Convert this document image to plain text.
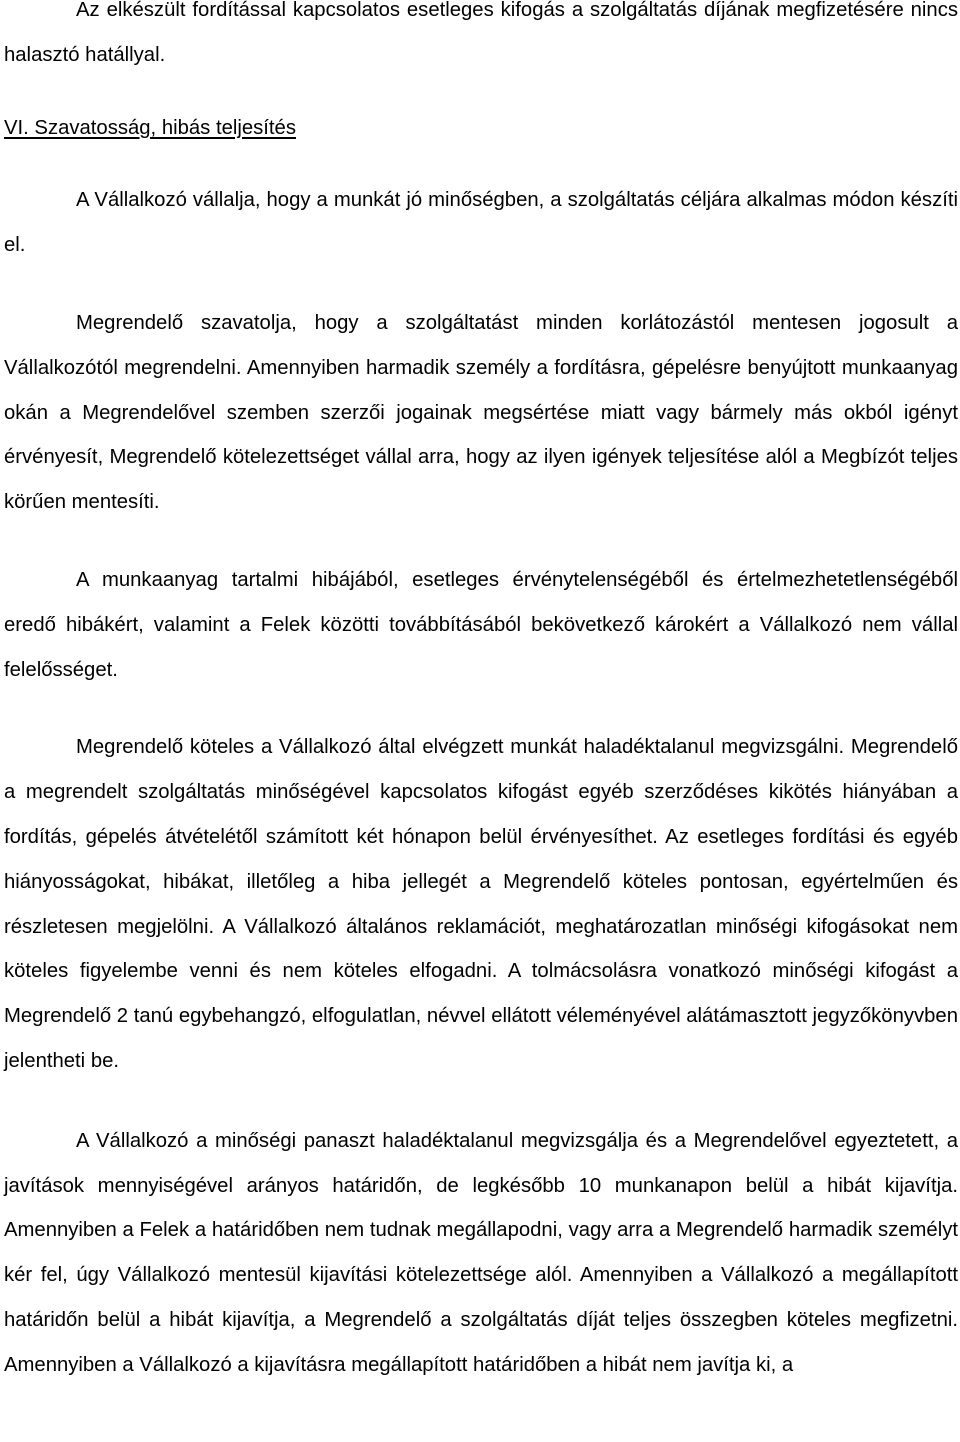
Az elkészült fordítással kapcsolatos esetleges kifogás a szolgáltatás díjának megfizetésére nincs halasztó hatállyal.

VI. Szavatosság, hibás teljesítés

A Vállalkozó vállalja, hogy a munkát jó minőségben, a szolgáltatás céljára alkalmas módon készíti el.

Megrendelő szavatolja, hogy a szolgáltatást minden korlátozástól mentesen jogosult a Vállalkozótól megrendelni. Amennyiben harmadik személy a fordításra, gépelésre benyújtott munkaanyag okán a Megrendelővel szemben szerzői jogainak megsértése miatt vagy bármely más okból igényt érvényesít, Megrendelő kötelezettséget vállal arra, hogy az ilyen igények teljesítése alól a Megbízót teljes körűen mentesíti.

A munkaanyag tartalmi hibájából, esetleges érvénytelenségéből és értelmezhetetlenségéből eredő hibákért, valamint a Felek közötti továbbításából bekövetkező károkért a Vállalkozó nem vállal felelősséget.

Megrendelő köteles a Vállalkozó által elvégzett munkát haladéktalanul megvizsgálni. Megrendelő a megrendelt szolgáltatás minőségével kapcsolatos kifogást egyéb szerződéses kikötés hiányában a fordítás, gépelés átvételétől számított két hónapon belül érvényesíthet. Az esetleges fordítási és egyéb hiányosságokat, hibákat, illetőleg a hiba jellegét a Megrendelő köteles pontosan, egyértelműen és részletesen megjelölni. A Vállalkozó általános reklamációt, meghatározatlan minőségi kifogásokat nem köteles figyelembe venni és nem köteles elfogadni. A tolmácsolásra vonatkozó minőségi kifogást a Megrendelő 2 tanú egybehangzó, elfogulatlan, névvel ellátott véleményével alátámasztott jegyzőkönyvben jelentheti be.

A Vállalkozó a minőségi panaszt haladéktalanul megvizsgálja és a Megrendelővel egyeztetett, a javítások mennyiségével arányos határidőn, de legkésőbb 10 munkanapon belül a hibát kijavítja. Amennyiben a Felek a határidőben nem tudnak megállapodni, vagy arra a Megrendelő harmadik személyt kér fel, úgy Vállalkozó mentesül kijavítási kötelezettsége alól. Amennyiben a Vállalkozó a megállapított határidőn belül a hibát kijavítja, a Megrendelő a szolgáltatás díját teljes összegben köteles megfizetni. Amennyiben a Vállalkozó a kijavításra megállapított határidőben a hibát nem javítja ki, a
